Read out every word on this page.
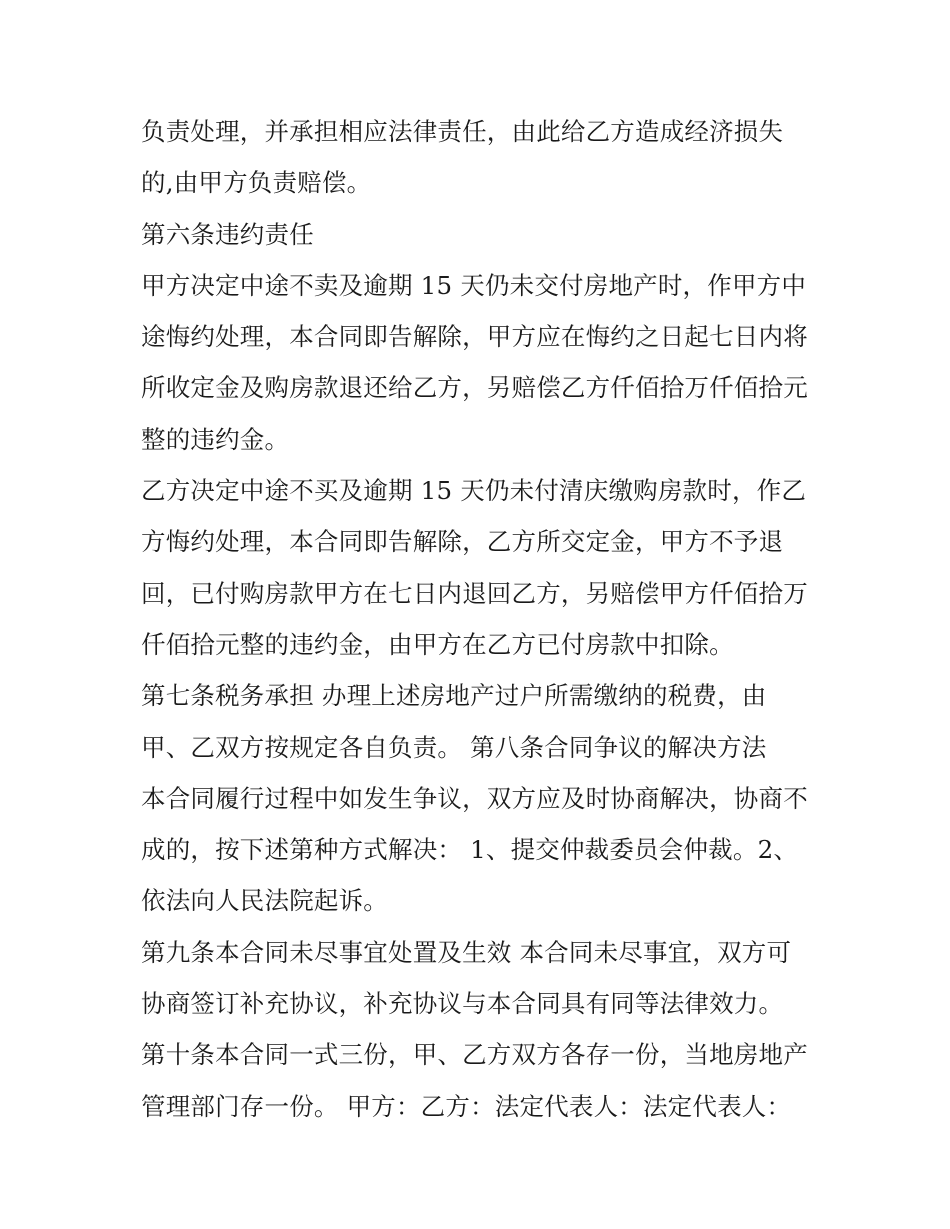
负责处理，并承担相应法律责任，由此给乙方造成经济损失
的,由甲方负责赔偿。
第六条违约责任
甲方决定中途不卖及逾期 15 天仍未交付房地产时，作甲方中
途悔约处理，本合同即告解除，甲方应在悔约之日起七日内将
所收定金及购房款退还给乙方，另赔偿乙方仟佰拾万仟佰拾元
整的违约金。
乙方决定中途不买及逾期 15 天仍未付清庆缴购房款时，作乙
方悔约处理，本合同即告解除，乙方所交定金，甲方不予退
回，已付购房款甲方在七日内退回乙方，另赔偿甲方仟佰拾万
仟佰拾元整的违约金，由甲方在乙方已付房款中扣除。
第七条税务承担 办理上述房地产过户所需缴纳的税费，由
甲、乙双方按规定各自负责。 第八条合同争议的解决方法
本合同履行过程中如发生争议，双方应及时协商解决，协商不
成的，按下述第种方式解决： 1、提交仲裁委员会仲裁。2、
依法向人民法院起诉。
第九条本合同未尽事宜处置及生效 本合同未尽事宜，双方可
协商签订补充协议，补充协议与本合同具有同等法律效力。
第十条本合同一式三份，甲、乙方双方各存一份，当地房地产
管理部门存一份。 甲方：乙方：法定代表人：法定代表人：
